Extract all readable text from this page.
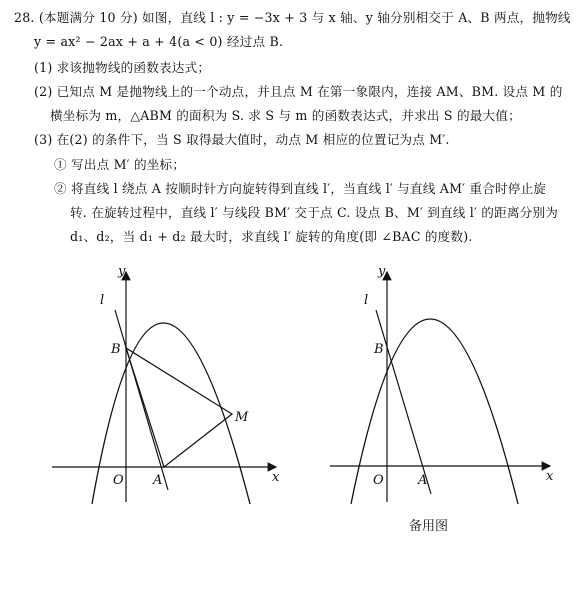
28. (本题满分 10 分) 如图，直线 l : y = −3x + 3 与 x 轴、y 轴分别相交于 A、B 两点，抛物线
y = ax² − 2ax + a + 4(a < 0) 经过点 B.
(1) 求该抛物线的函数表达式；
(2) 已知点 M 是抛物线上的一个动点，并且点 M 在第一象限内，连接 AM、BM. 设点 M 的
横坐标为 m，△ABM 的面积为 S. 求 S 与 m 的函数表达式，并求出 S 的最大值；
(3) 在(2) 的条件下，当 S 取得最大值时，动点 M 相应的位置记为点 M′.
① 写出点 M′ 的坐标；
② 将直线 l 绕点 A 按顺时针方向旋转得到直线 l′，当直线 l′ 与直线 AM′ 重合时停止旋
转. 在旋转过程中，直线 l′ 与线段 BM′ 交于点 C. 设点 B、M′ 到直线 l′ 的距离分别为
d₁、d₂，当 d₁ + d₂ 最大时，求直线 l′ 旋转的角度(即 ∠BAC 的度数).
y
l
B
M
O A	x
y
l
B
O	A	x
备用图
